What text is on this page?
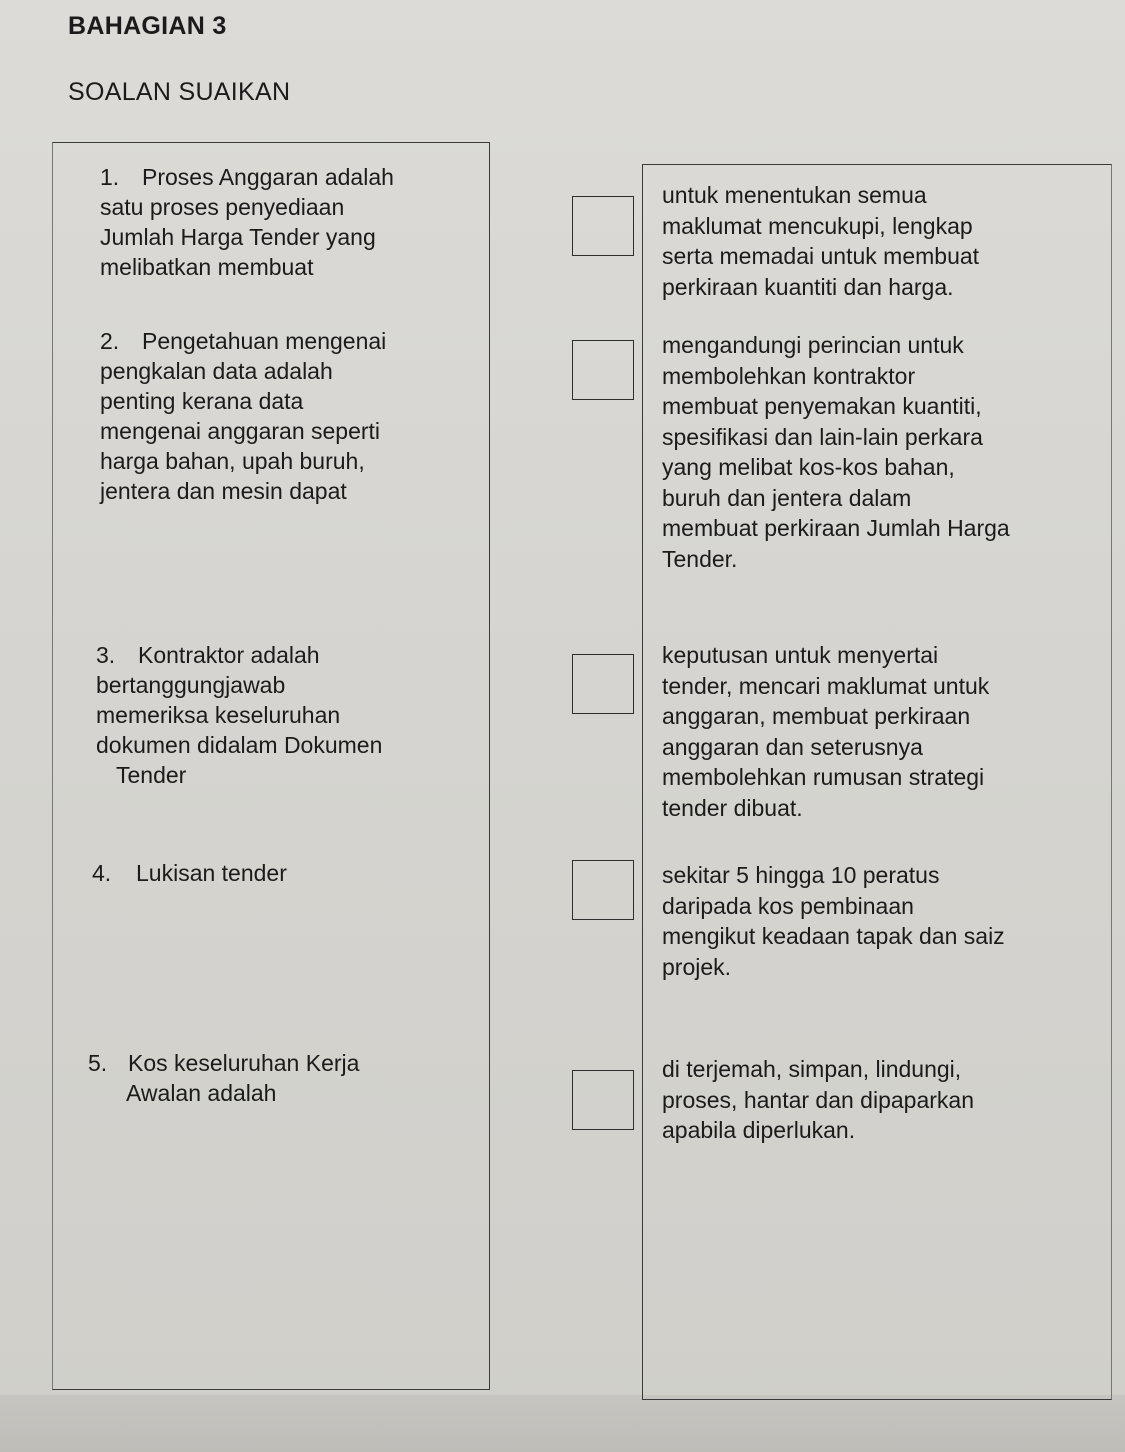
BAHAGIAN 3
SOALAN SUAIKAN
1. Proses Anggaran adalah
satu proses penyediaan
Jumlah Harga Tender yang
melibatkan membuat
2. Pengetahuan mengenai
pengkalan data adalah
penting kerana data
mengenai anggaran seperti
harga bahan, upah buruh,
jentera dan mesin dapat
3. Kontraktor adalah
bertanggungjawab
memeriksa keseluruhan
dokumen didalam Dokumen
Tender
4. Lukisan tender
5. Kos keseluruhan Kerja
Awalan adalah
untuk menentukan semua
maklumat mencukupi, lengkap
serta memadai untuk membuat
perkiraan kuantiti dan harga.
mengandungi perincian untuk
membolehkan kontraktor
membuat penyemakan kuantiti,
spesifikasi dan lain-lain perkara
yang melibat kos-kos bahan,
buruh dan jentera dalam
membuat perkiraan Jumlah Harga
Tender.
keputusan untuk menyertai
tender, mencari maklumat untuk
anggaran, membuat perkiraan
anggaran dan seterusnya
membolehkan rumusan strategi
tender dibuat.
sekitar 5 hingga 10 peratus
daripada kos pembinaan
mengikut keadaan tapak dan saiz
projek.
di terjemah, simpan, lindungi,
proses, hantar dan dipaparkan
apabila diperlukan.
